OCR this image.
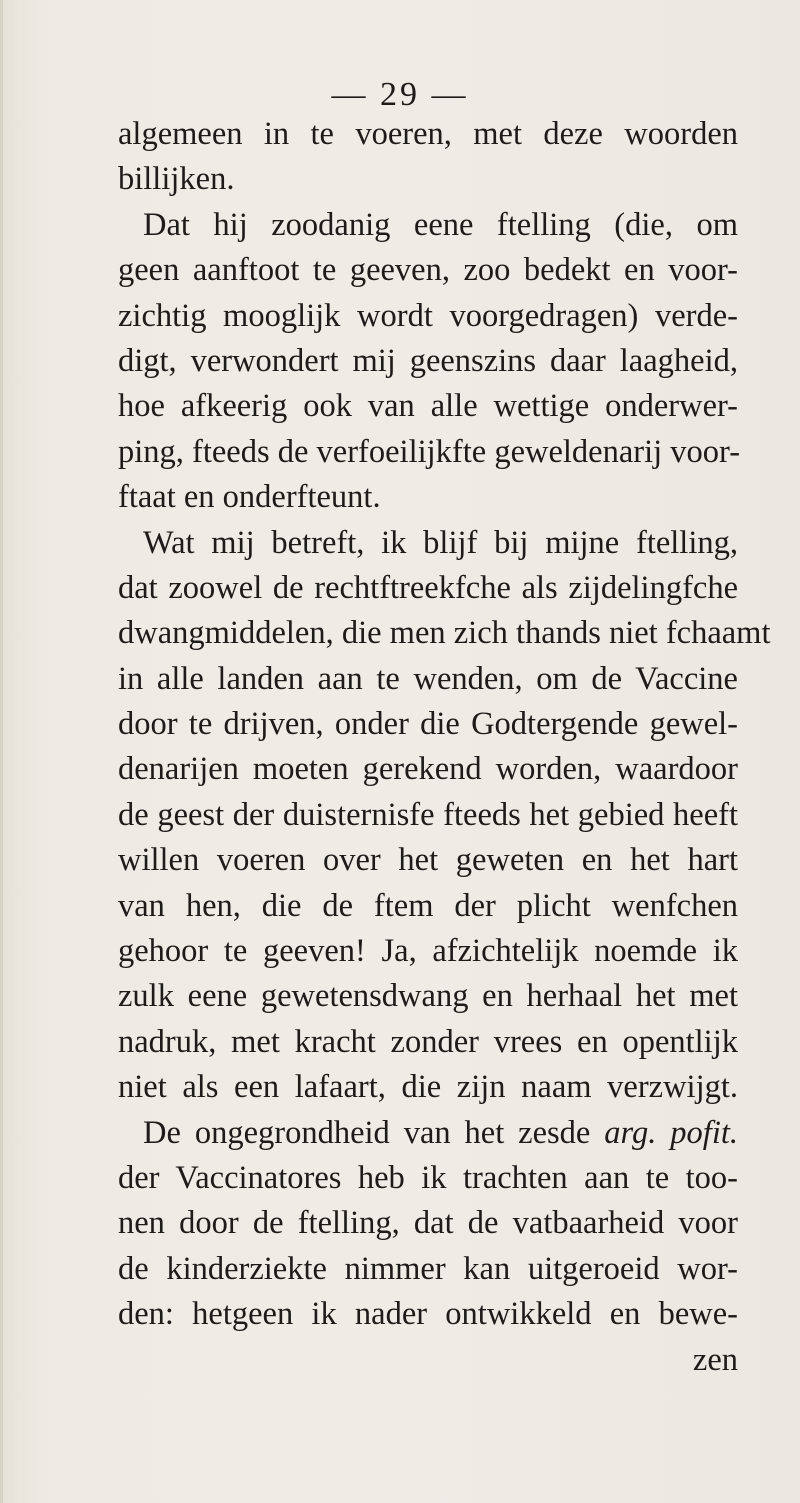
— 29 —
algemeen in te voeren, met deze woorden
billijken.
Dat hij zoodanig eene ftelling (die, om
geen aanftoot te geeven, zoo bedekt en voor-
zichtig mooglijk wordt voorgedragen) verde-
digt, verwondert mij geenszins daar laagheid,
hoe afkeerig ook van alle wettige onderwer-
ping, fteeds de verfoeilijkfte geweldenarij voor-
ftaat en onderfteunt.
Wat mij betreft, ik blijf bij mijne ftelling,
dat zoowel de rechtftreekfche als zijdelingfche
dwangmiddelen, die men zich thands niet fchaamt
in alle landen aan te wenden, om de Vaccine
door te drijven, onder die Godtergende gewel-
denarijen moeten gerekend worden, waardoor
de geest der duisternisfe fteeds het gebied heeft
willen voeren over het geweten en het hart
van hen, die de ftem der plicht wenfchen
gehoor te geeven! Ja, afzichtelijk noemde ik
zulk eene gewetensdwang en herhaal het met
nadruk, met kracht zonder vrees en opentlijk
niet als een lafaart, die zijn naam verzwijgt.
De ongegrondheid van het zesde arg. pofit.
der Vaccinatores heb ik trachten aan te too-
nen door de ftelling, dat de vatbaarheid voor
de kinderziekte nimmer kan uitgeroeid wor-
den: hetgeen ik nader ontwikkeld en bewe-
zen
